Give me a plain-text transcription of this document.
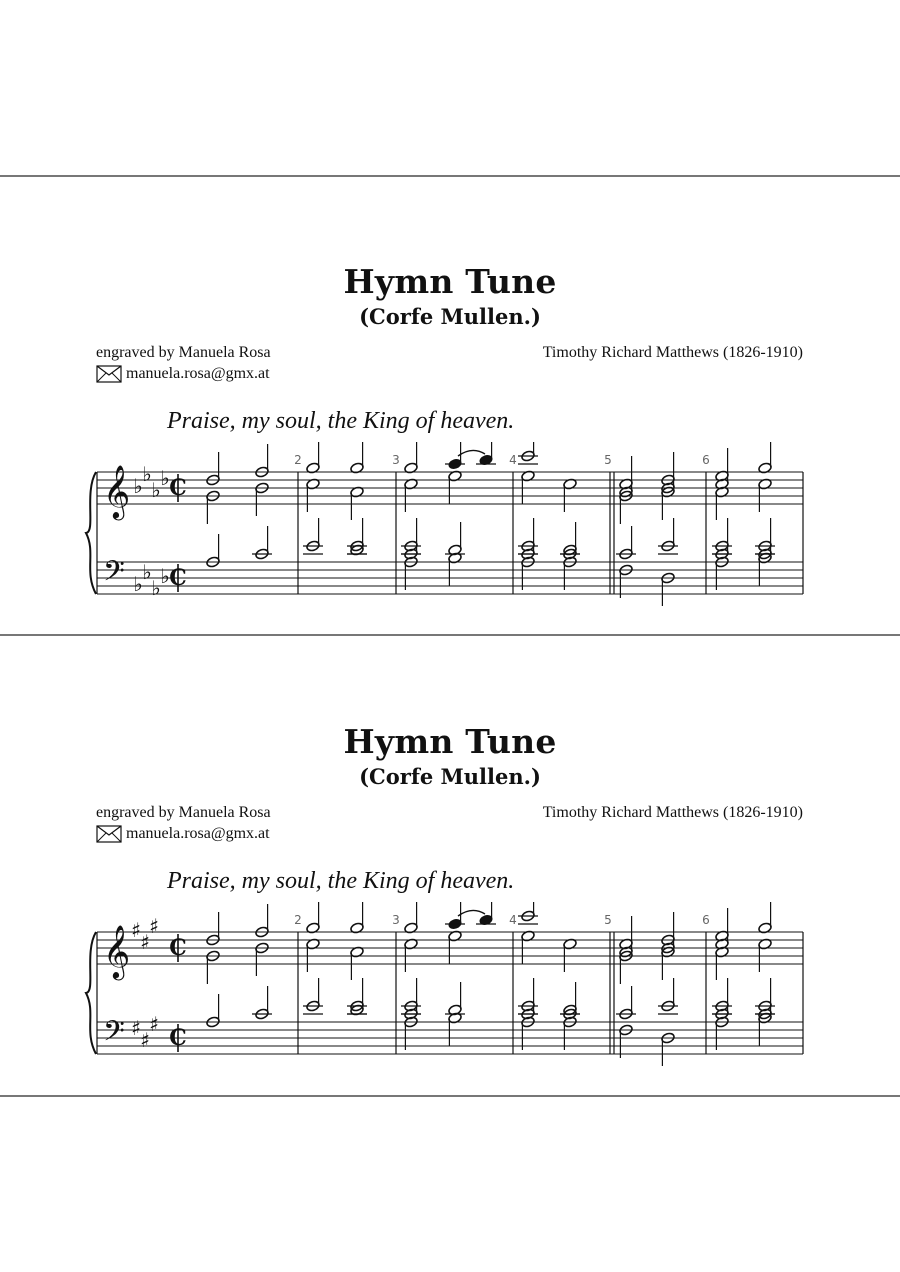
Hymn Tune
(Corfe Mullen.)
engraved by Manuela Rosa
manuela.rosa@gmx.at
Timothy Richard Matthews (1826-1910)
Praise, my soul, the King of heaven.
𝄞
𝄢
♭ ♭
♭ ♭
♭ ♭
♭ ♭
C
C
2	3	4	5	6
Hymn Tune
(Corfe Mullen.)
engraved by Manuela Rosa
manuela.rosa@gmx.at
Timothy Richard Matthews (1826-1910)
Praise, my soul, the King of heaven.
𝄞
𝄢
♯ ♯
♯
♯ ♯
♯
C
C
2	3	4	5	6
